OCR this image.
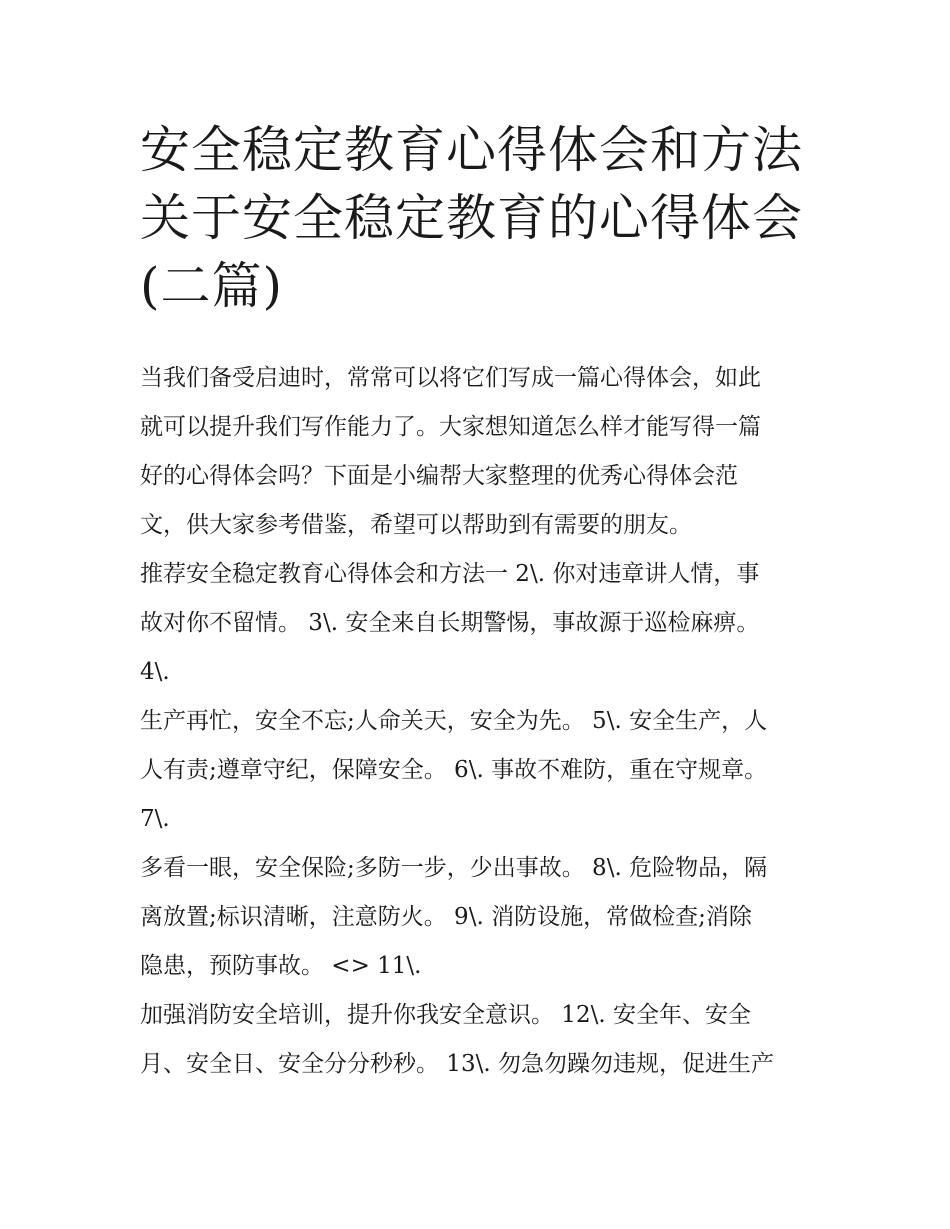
安全稳定教育心得体会和方法
关于安全稳定教育的心得体会
(二篇)
当我们备受启迪时，常常可以将它们写成一篇心得体会，如此
就可以提升我们写作能力了。大家想知道怎么样才能写得一篇
好的心得体会吗？下面是小编帮大家整理的优秀心得体会范
文，供大家参考借鉴，希望可以帮助到有需要的朋友。
推荐安全稳定教育心得体会和方法一 2\. 你对违章讲人情，事
故对你不留情。 3\. 安全来自长期警惕，事故源于巡检麻痹。
4\.
生产再忙，安全不忘;人命关天，安全为先。 5\. 安全生产，人
人有责;遵章守纪，保障安全。 6\. 事故不难防，重在守规章。
7\.
多看一眼，安全保险;多防一步，少出事故。 8\. 危险物品，隔
离放置;标识清晰，注意防火。 9\. 消防设施，常做检查;消除
隐患，预防事故。 <> 11\.
加强消防安全培训，提升你我安全意识。 12\. 安全年、安全
月、安全日、安全分分秒秒。 13\. 勿急勿躁勿违规，促进生产
